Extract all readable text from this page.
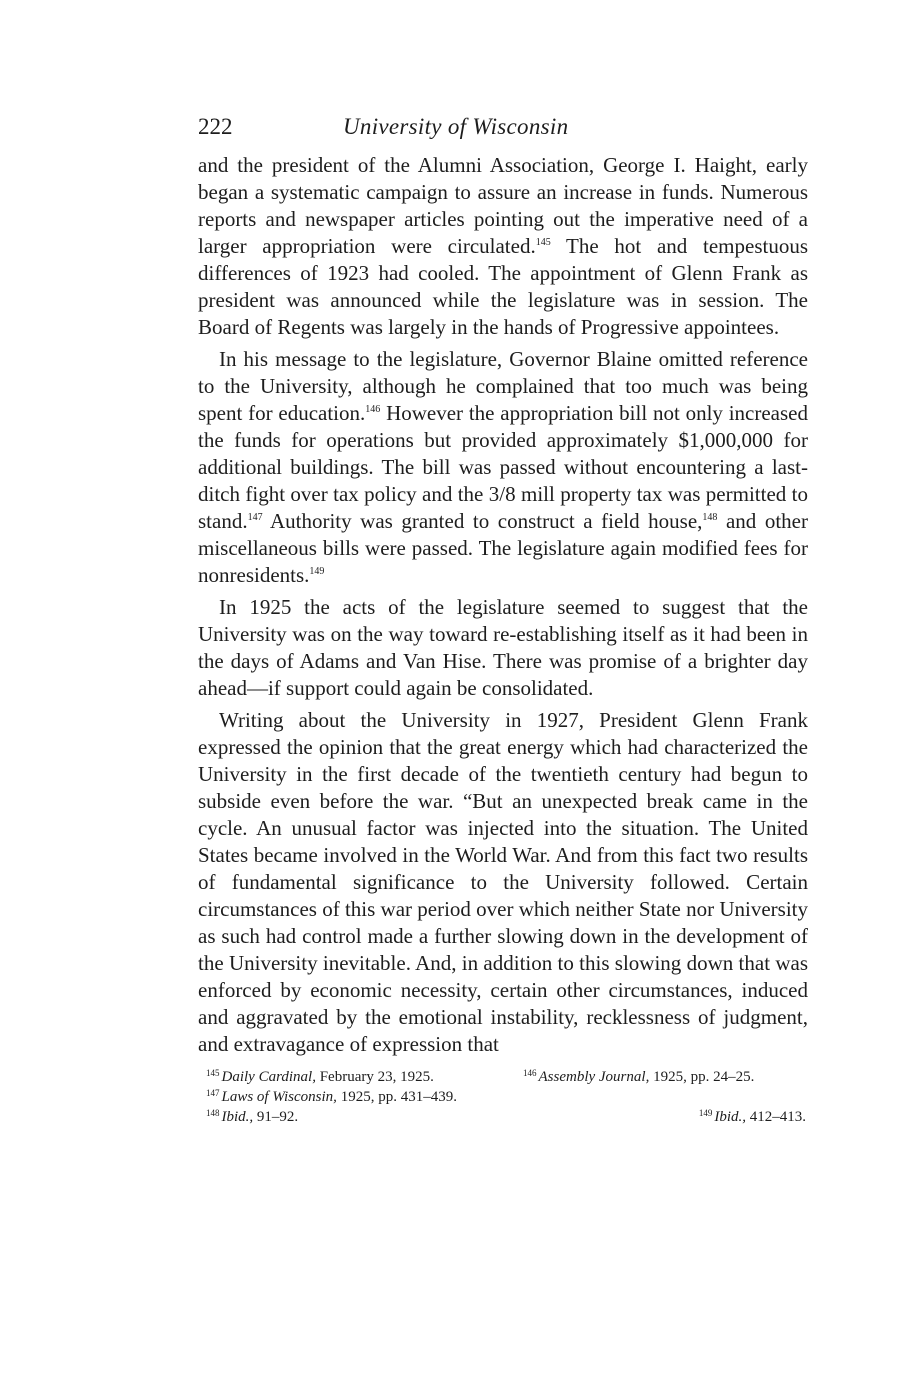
222	University of Wisconsin

and the president of the Alumni Association, George I. Haight, early began a systematic campaign to assure an increase in funds. Numerous reports and newspaper articles pointing out the imperative need of a larger appropriation were circulated.$^{145}$ The hot and tempestuous differences of 1923 had cooled. The appointment of Glenn Frank as president was announced while the legislature was in session. The Board of Regents was largely in the hands of Progressive appointees.

In his message to the legislature, Governor Blaine omitted reference to the University, although he complained that too much was being spent for education.$^{146}$ However the appropriation bill not only increased the funds for operations but provided approximately $1,000,000 for additional buildings. The bill was passed without encountering a last-ditch fight over tax policy and the 3/8 mill property tax was permitted to stand.$^{147}$ Authority was granted to construct a field house,$^{148}$ and other miscellaneous bills were passed. The legislature again modified fees for nonresidents.$^{149}$

In 1925 the acts of the legislature seemed to suggest that the University was on the way toward re-establishing itself as it had been in the days of Adams and Van Hise. There was promise of a brighter day ahead—if support could again be consolidated.

Writing about the University in 1927, President Glenn Frank expressed the opinion that the great energy which had characterized the University in the first decade of the twentieth century had begun to subside even before the war. “But an unexpected break came in the cycle. An unusual factor was injected into the situation. The United States became involved in the World War. And from this fact two results of fundamental significance to the University followed. Certain circumstances of this war period over which neither State nor University as such had control made a further slowing down in the development of the University inevitable. And, in addition to this slowing down that was enforced by economic necessity, certain other circumstances, induced and aggravated by the emotional instability, recklessness of judgment, and extravagance of expression that

$^{145}$ Daily Cardinal, February 23, 1925.	$^{146}$ Assembly Journal, 1925, pp. 24–25.
$^{147}$ Laws of Wisconsin, 1925, pp. 431–439.
$^{148}$ Ibid., 91–92.	$^{149}$ Ibid., 412–413.
